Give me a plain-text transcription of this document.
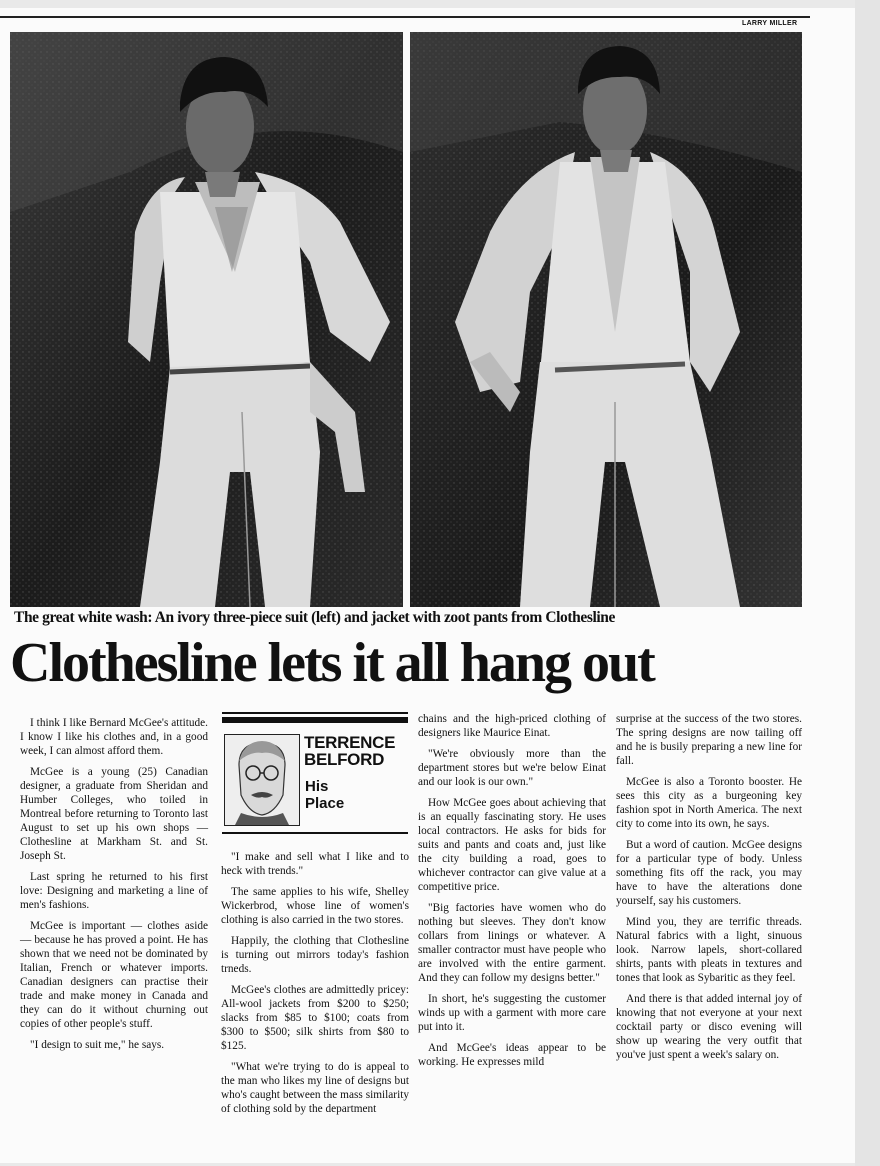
LARRY MILLER
The great white wash: An ivory three-piece suit (left) and jacket with zoot pants from Clothesline
Clothesline lets it all hang out
TERRENCE
BELFORD
His
Place

I think I like Bernard McGee's attitude. I know I like his clothes and, in a good week, I can almost afford them.

McGee is a young (25) Canadian designer, a graduate from Sheridan and Humber Colleges, who toiled in Montreal before returning to Toronto last August to set up his own shops — Clothesline at Markham St. and St. Joseph St.

Last spring he returned to his first love: Designing and marketing a line of men's fashions.

McGee is important — clothes aside — because he has proved a point. He has shown that we need not be dominated by Italian, French or whatever imports. Canadian designers can practise their trade and make money in Canada and they can do it without churning out copies of other people's stuff.

"I design to suit me," he says.

"I make and sell what I like and to heck with trends."

The same applies to his wife, Shelley Wickerbrod, whose line of women's clothing is also carried in the two stores.

Happily, the clothing that Clothesline is turning out mirrors today's fashion trneds.

McGee's clothes are admittedly pricey: All-wool jackets from $200 to $250; slacks from $85 to $100; coats from $300 to $500; silk shirts from $80 to $125.

"What we're trying to do is appeal to the man who likes my line of designs but who's caught between the mass similarity of clothing sold by the department

chains and the high-priced clothing of designers like Maurice Einat.

"We're obviously more than the department stores but we're below Einat and our look is our own."

How McGee goes about achieving that is an equally fascinating story. He uses local contractors. He asks for bids for suits and pants and coats and, just like the city building a road, goes to whichever contractor can give value at a competitive price.

"Big factories have women who do nothing but sleeves. They don't know collars from linings or whatever. A smaller contractor must have people who are involved with the entire garment. And they can follow my designs better."

In short, he's suggesting the customer winds up with a garment with more care put into it.

And McGee's ideas appear to be working. He expresses mild

surprise at the success of the two stores. The spring designs are now tailing off and he is busily preparing a new line for fall.

McGee is also a Toronto booster. He sees this city as a burgeoning key fashion spot in North America. The next city to come into its own, he says.

But a word of caution. McGee designs for a particular type of body. Unless something fits off the rack, you may have to have the alterations done yourself, say his customers.

Mind you, they are terrific threads. Natural fabrics with a light, sinuous look. Narrow lapels, short-collared shirts, pants with pleats in textures and tones that look as Sybaritic as they feel.

And there is that added internal joy of knowing that not everyone at your next cocktail party or disco evening will show up wearing the very outfit that you've just spent a week's salary on.
